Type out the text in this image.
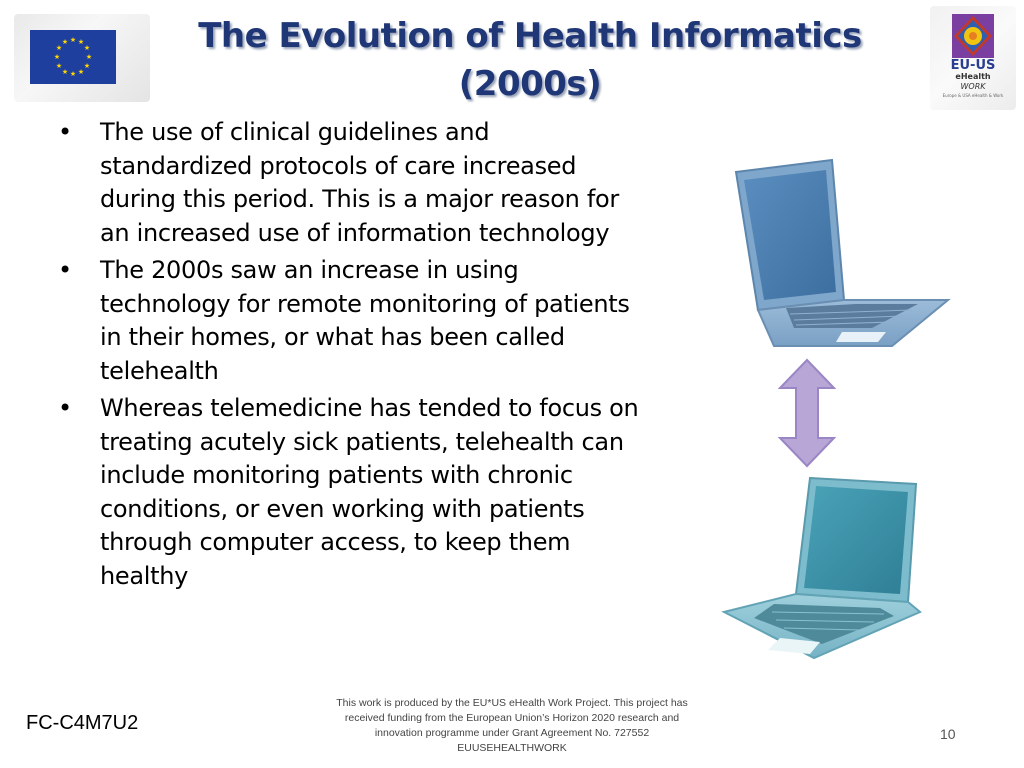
★ ★
★
★
★
★
★
★
★
★
★
★	The Evolution of Health Informatics
(2000s)	EU-US
eHealth
WORK
Europe & USA eHealth & Work
• The use of clinical guidelines and standardized protocols of care increased during this period. This is a major reason for an increased use of information technology
• The 2000s saw an increase in using technology for remote monitoring of patients in their homes, or what has been called telehealth
• Whereas telemedicine has tended to focus on treating acutely sick patients, telehealth can include monitoring patients with chronic conditions, or even working with patients through computer access, to keep them healthy
FC-C4M7U2
This work is produced by the EU*US eHealth Work Project. This project has
received funding from the European Union’s Horizon 2020 research and
innovation programme under Grant Agreement No. 727552
EUUSEHEALTHWORK
10
